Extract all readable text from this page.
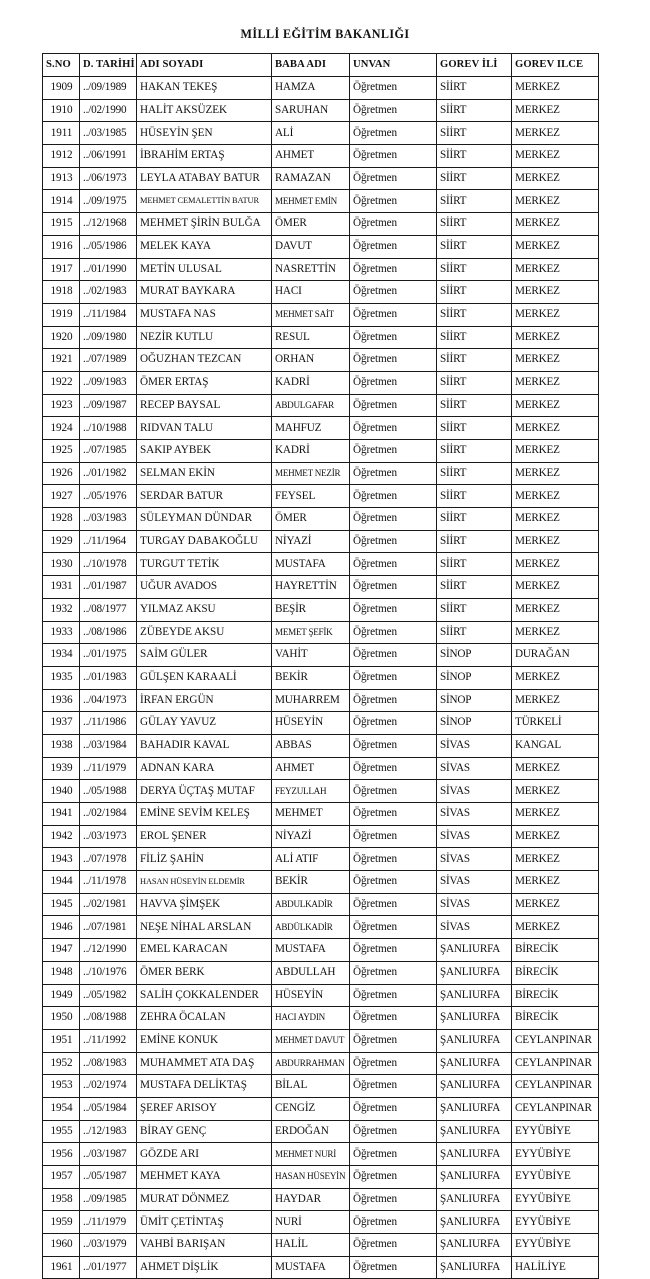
MİLLİ EĞİTİM BAKANLIĞI
S.NO	D. TARİHİ	ADI SOYADI	BABA ADI	UNVAN	GOREV İLİ	GOREV ILCE
1909	../09/1989	HAKAN TEKEŞ	HAMZA	Öğretmen	SİİRT	MERKEZ
1910	../02/1990	HALİT AKSÜZEK	SARUHAN	Öğretmen	SİİRT	MERKEZ
1911	../03/1985	HÜSEYİN ŞEN	ALİ	Öğretmen	SİİRT	MERKEZ
1912	../06/1991	İBRAHİM ERTAŞ	AHMET	Öğretmen	SİİRT	MERKEZ
1913	../06/1973	LEYLA ATABAY BATUR	RAMAZAN	Öğretmen	SİİRT	MERKEZ
1914	../09/1975	MEHMET CEMALETTİN BATUR	MEHMET EMİN	Öğretmen	SİİRT	MERKEZ
1915	../12/1968	MEHMET ŞİRİN BULĞA	ÖMER	Öğretmen	SİİRT	MERKEZ
1916	../05/1986	MELEK KAYA	DAVUT	Öğretmen	SİİRT	MERKEZ
1917	../01/1990	METİN ULUSAL	NASRETTİN	Öğretmen	SİİRT	MERKEZ
1918	../02/1983	MURAT BAYKARA	HACI	Öğretmen	SİİRT	MERKEZ
1919	../11/1984	MUSTAFA NAS	MEHMET SAİT	Öğretmen	SİİRT	MERKEZ
1920	../09/1980	NEZİR KUTLU	RESUL	Öğretmen	SİİRT	MERKEZ
1921	../07/1989	OĞUZHAN TEZCAN	ORHAN	Öğretmen	SİİRT	MERKEZ
1922	../09/1983	ÖMER ERTAŞ	KADRİ	Öğretmen	SİİRT	MERKEZ
1923	../09/1987	RECEP BAYSAL	ABDULGAFAR	Öğretmen	SİİRT	MERKEZ
1924	../10/1988	RIDVAN TALU	MAHFUZ	Öğretmen	SİİRT	MERKEZ
1925	../07/1985	SAKIP AYBEK	KADRİ	Öğretmen	SİİRT	MERKEZ
1926	../01/1982	SELMAN EKİN	MEHMET NEZİR	Öğretmen	SİİRT	MERKEZ
1927	../05/1976	SERDAR BATUR	FEYSEL	Öğretmen	SİİRT	MERKEZ
1928	../03/1983	SÜLEYMAN DÜNDAR	ÖMER	Öğretmen	SİİRT	MERKEZ
1929	../11/1964	TURGAY DABAKOĞLU	NİYAZİ	Öğretmen	SİİRT	MERKEZ
1930	../10/1978	TURGUT TETİK	MUSTAFA	Öğretmen	SİİRT	MERKEZ
1931	../01/1987	UĞUR AVADOS	HAYRETTİN	Öğretmen	SİİRT	MERKEZ
1932	../08/1977	YILMAZ AKSU	BEŞİR	Öğretmen	SİİRT	MERKEZ
1933	../08/1986	ZÜBEYDE AKSU	MEMET ŞEFİK	Öğretmen	SİİRT	MERKEZ
1934	../01/1975	SAİM GÜLER	VAHİT	Öğretmen	SİNOP	DURAĞAN
1935	../01/1983	GÜLŞEN KARAALİ	BEKİR	Öğretmen	SİNOP	MERKEZ
1936	../04/1973	İRFAN ERGÜN	MUHARREM	Öğretmen	SİNOP	MERKEZ
1937	../11/1986	GÜLAY YAVUZ	HÜSEYİN	Öğretmen	SİNOP	TÜRKELİ
1938	../03/1984	BAHADIR KAVAL	ABBAS	Öğretmen	SİVAS	KANGAL
1939	../11/1979	ADNAN KARA	AHMET	Öğretmen	SİVAS	MERKEZ
1940	../05/1988	DERYA ÜÇTAŞ MUTAF	FEYZULLAH	Öğretmen	SİVAS	MERKEZ
1941	../02/1984	EMİNE SEVİM KELEŞ	MEHMET	Öğretmen	SİVAS	MERKEZ
1942	../03/1973	EROL ŞENER	NİYAZİ	Öğretmen	SİVAS	MERKEZ
1943	../07/1978	FİLİZ ŞAHİN	ALİ ATIF	Öğretmen	SİVAS	MERKEZ
1944	../11/1978	HASAN HÜSEYİN ELDEMİR	BEKİR	Öğretmen	SİVAS	MERKEZ
1945	../02/1981	HAVVA ŞİMŞEK	ABDULKADİR	Öğretmen	SİVAS	MERKEZ
1946	../07/1981	NEŞE NİHAL ARSLAN	ABDÜLKADİR	Öğretmen	SİVAS	MERKEZ
1947	../12/1990	EMEL KARACAN	MUSTAFA	Öğretmen	ŞANLIURFA	BİRECİK
1948	../10/1976	ÖMER BERK	ABDULLAH	Öğretmen	ŞANLIURFA	BİRECİK
1949	../05/1982	SALİH ÇOKKALENDER	HÜSEYİN	Öğretmen	ŞANLIURFA	BİRECİK
1950	../08/1988	ZEHRA ÖCALAN	HACI AYDIN	Öğretmen	ŞANLIURFA	BİRECİK
1951	../11/1992	EMİNE KONUK	MEHMET DAVUT	Öğretmen	ŞANLIURFA	CEYLANPINAR
1952	../08/1983	MUHAMMET ATA DAŞ	ABDURRAHMAN	Öğretmen	ŞANLIURFA	CEYLANPINAR
1953	../02/1974	MUSTAFA DELİKTAŞ	BİLAL	Öğretmen	ŞANLIURFA	CEYLANPINAR
1954	../05/1984	ŞEREF ARISOY	CENGİZ	Öğretmen	ŞANLIURFA	CEYLANPINAR
1955	../12/1983	BİRAY GENÇ	ERDOĞAN	Öğretmen	ŞANLIURFA	EYYÜBİYE
1956	../03/1987	GÖZDE ARI	MEHMET NURİ	Öğretmen	ŞANLIURFA	EYYÜBİYE
1957	../05/1987	MEHMET KAYA	HASAN HÜSEYİN	Öğretmen	ŞANLIURFA	EYYÜBİYE
1958	../09/1985	MURAT DÖNMEZ	HAYDAR	Öğretmen	ŞANLIURFA	EYYÜBİYE
1959	../11/1979	ÜMİT ÇETİNTAŞ	NURİ	Öğretmen	ŞANLIURFA	EYYÜBİYE
1960	../03/1979	VAHBİ BARIŞAN	HALİL	Öğretmen	ŞANLIURFA	EYYÜBİYE
1961	../01/1977	AHMET DİŞLİK	MUSTAFA	Öğretmen	ŞANLIURFA	HALİLİYE
